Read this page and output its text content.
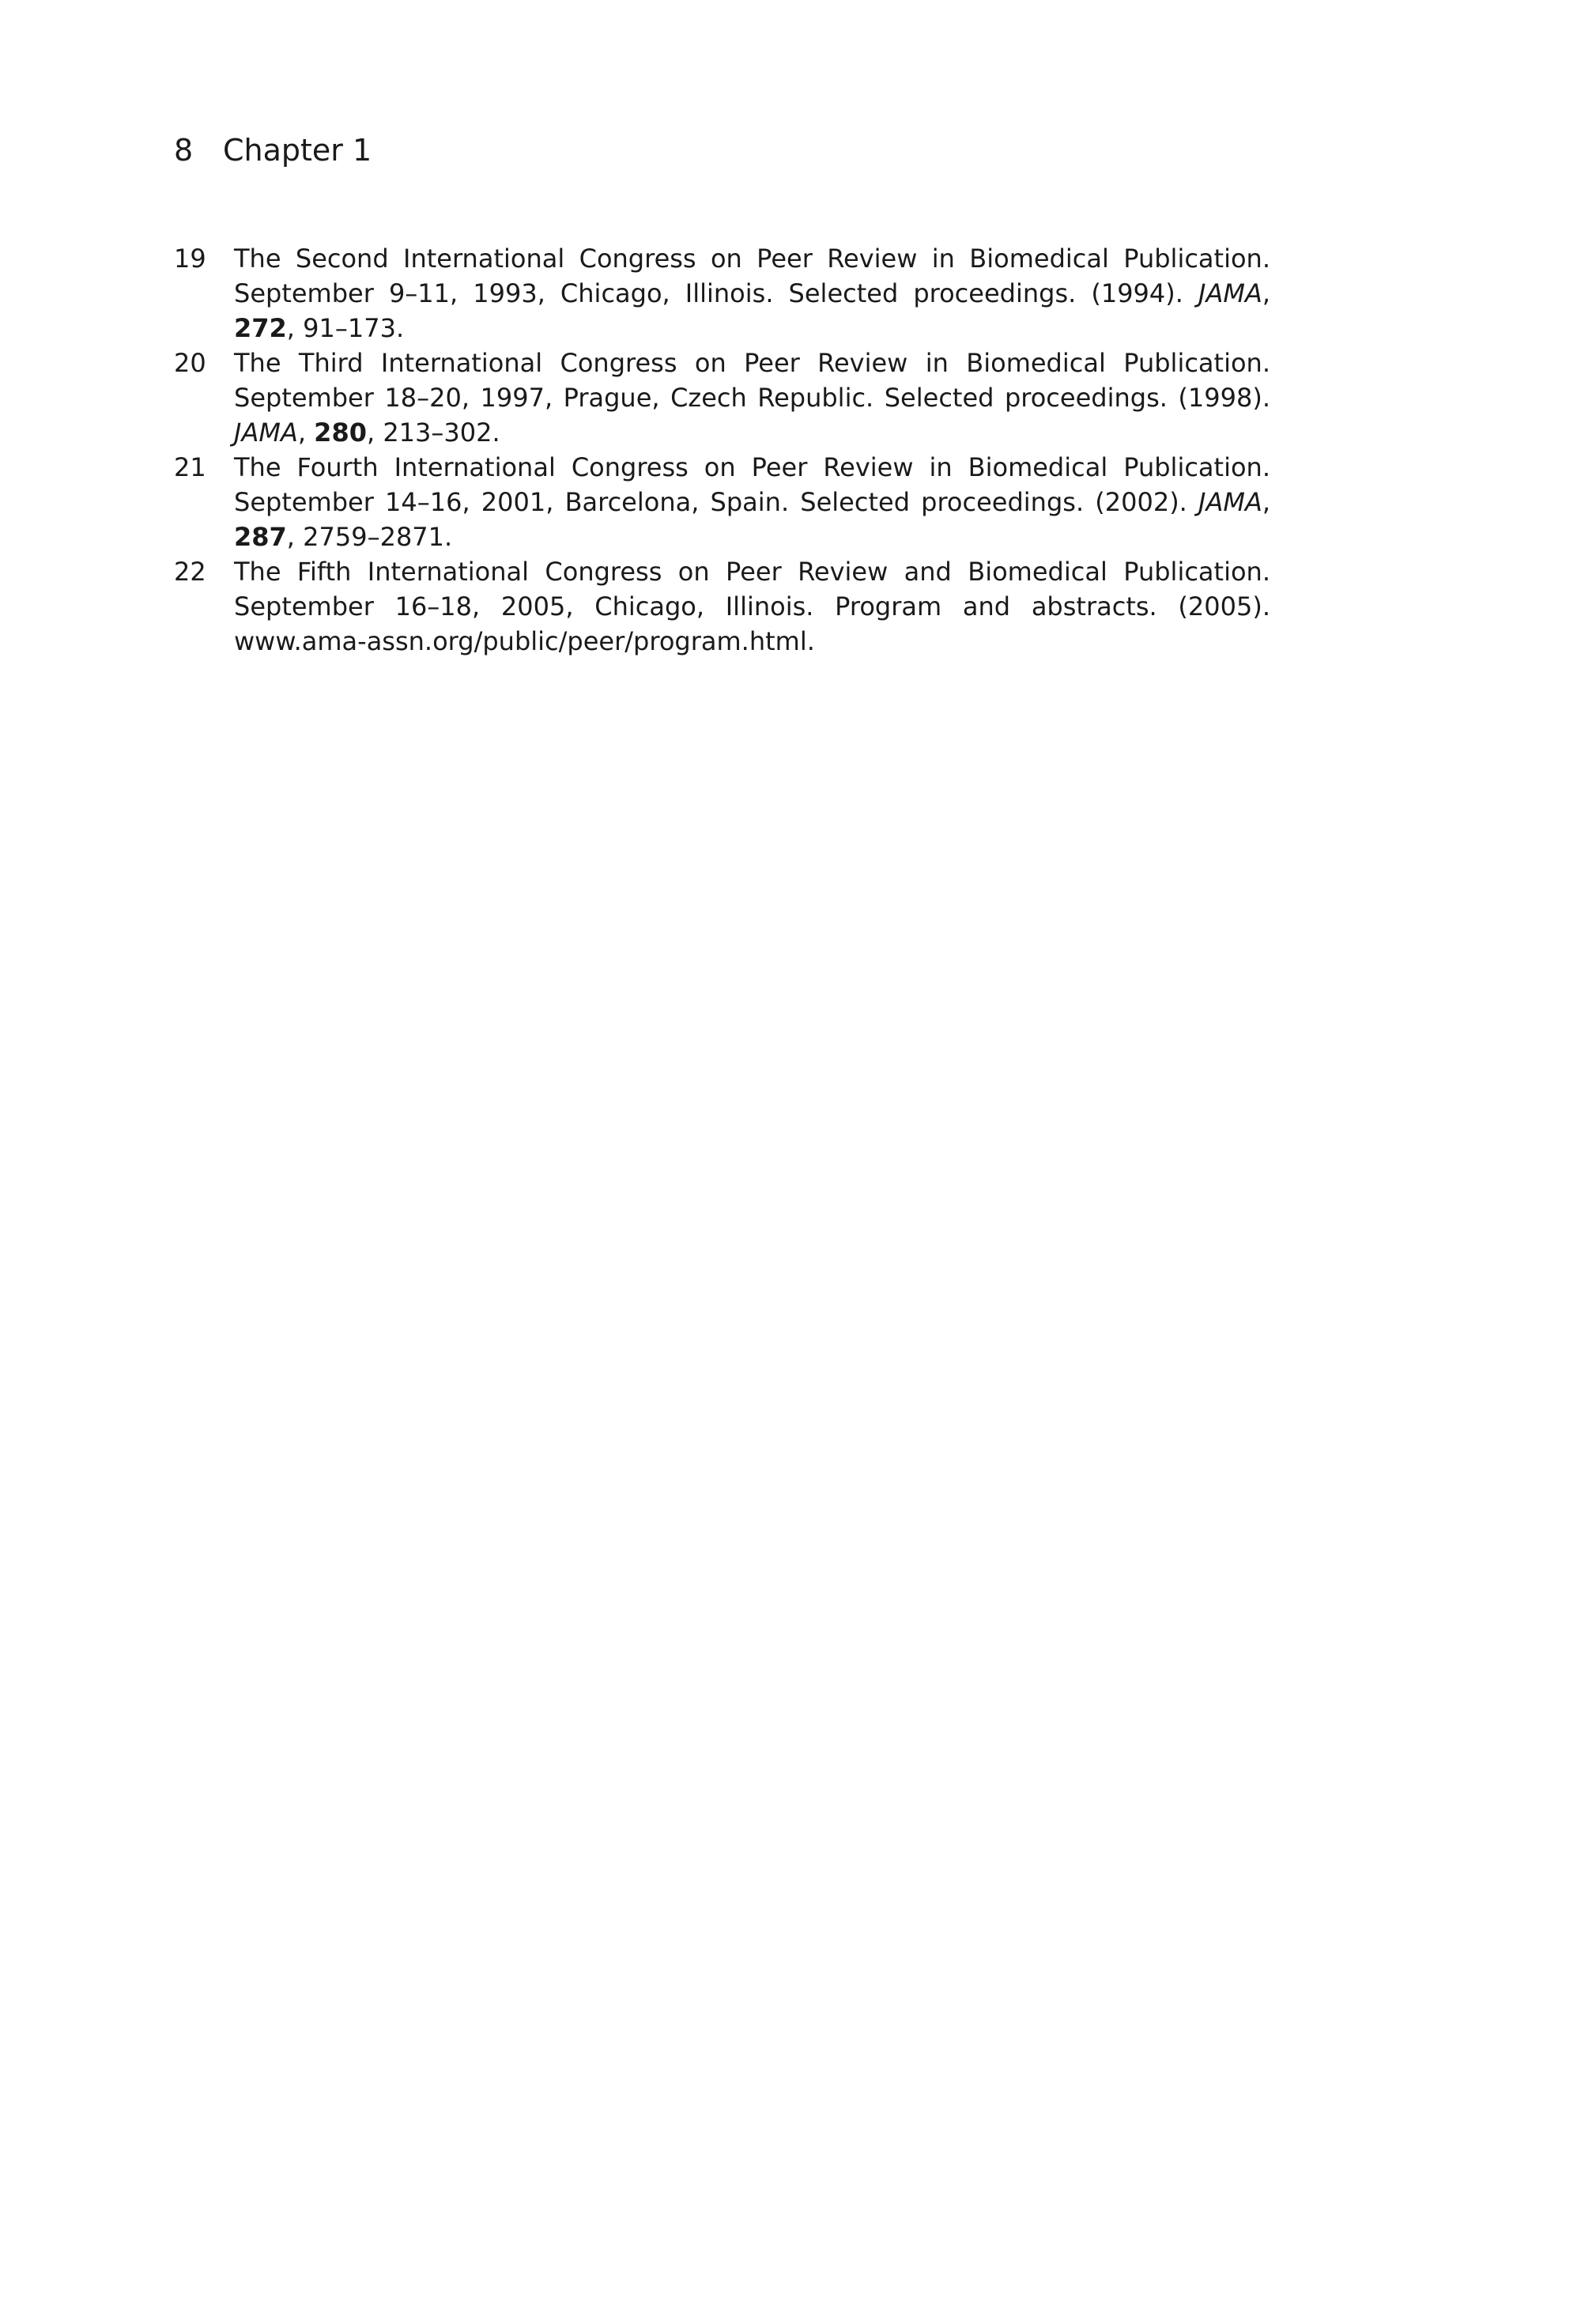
8 Chapter 1
19	The Second International Congress on Peer Review in Biomedical Publication. September 9–11, 1993, Chicago, Illinois. Selected proceedings. (1994). JAMA, 272, 91–173.
20	The Third International Congress on Peer Review in Biomedical Publication. September 18–20, 1997, Prague, Czech Republic. Selected proceedings. (1998). JAMA, 280, 213–302.
21	The Fourth International Congress on Peer Review in Biomedical Publication. September 14–16, 2001, Barcelona, Spain. Selected proceedings. (2002). JAMA, 287, 2759–2871.
22	The Fifth International Congress on Peer Review and Biomedical Publication. September 16–18, 2005, Chicago, Illinois. Program and abstracts. (2005). www.ama-assn.org/public/peer/program.html.
